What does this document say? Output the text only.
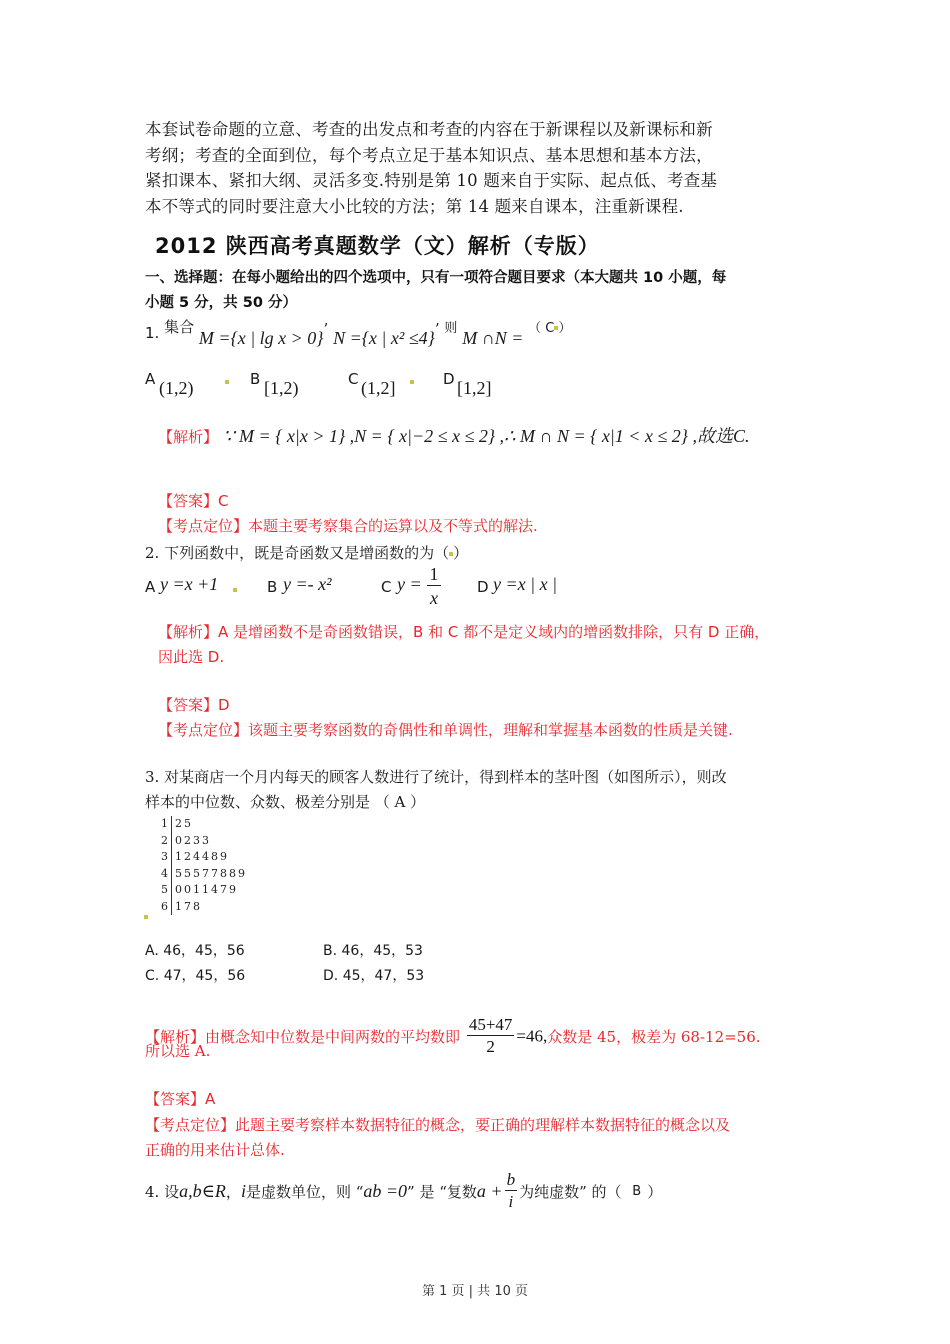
本套试卷命题的立意、考查的出发点和考查的内容在于新课程以及新课标和新
考纲；考查的全面到位，每个考点立足于基本知识点、基本思想和基本方法，
紧扣课本、紧扣大纲、灵活多变.特别是第 10 题来自于实际、起点低、考查基
本不等式的同时要注意大小比较的方法；第 14 题来自课本，注重新课程.
2012 陕西高考真题数学（文）解析（专版）
一、选择题：在每小题给出的四个选项中，只有一项符合题目要求（本大题共 10 小题，每
小题 5 分，共 50 分）
1. 集合 M ={x | lg x > 0}’ N ={x | x² ≤4}’ 则 M ∩N = （ C ）
A (1,2)	B [1,2)	C (1,2]	D [1,2]
【解析】 ∵ M = { x|x > 1} ,N = { x|−2 ≤ x ≤ 2} ,∴ M ∩ N = { x|1 < x ≤ 2} ,故选C.
【答案】C
【考点定位】本题主要考察集合的运算以及不等式的解法.
2. 下列函数中，既是奇函数又是增函数的为（ ）
A y =x +1	B y =- x²	C y = 1
x
D y =x | x |
【解析】A 是增函数不是奇函数错误，B 和 C 都不是定义域内的增函数排除，只有 D 正确，
因此选 D.
【答案】D
【考点定位】该题主要考察函数的奇偶性和单调性，理解和掌握基本函数的性质是关键.
3. 对某商店一个月内每天的顾客人数进行了统计，得到样本的茎叶图（如图所示），则改
样本的中位数、众数、极差分别是 （ A ）
1 25
2 0233
3 124489
4 55577889
5 0011479
6 178
A. 46，45，56	B. 46，45，53
C. 47，45，56	D. 45，47，53
【解析】由概念知中位数是中间两数的平均数即 $\frac{45+47}{2} =46$,众数是 45，极差为 68-12=56.
所以选 A.
【答案】A
【考点定位】此题主要考察样本数据特征的概念，要正确的理解样本数据特征的概念以及
正确的用来估计总体.
4. 设a,b∈R，i是虚数单位，则 “ab =0” 是 “复数$a + \frac{b}{i}$ 为纯虚数” 的（ B ）
第 1 页 | 共 10 页
